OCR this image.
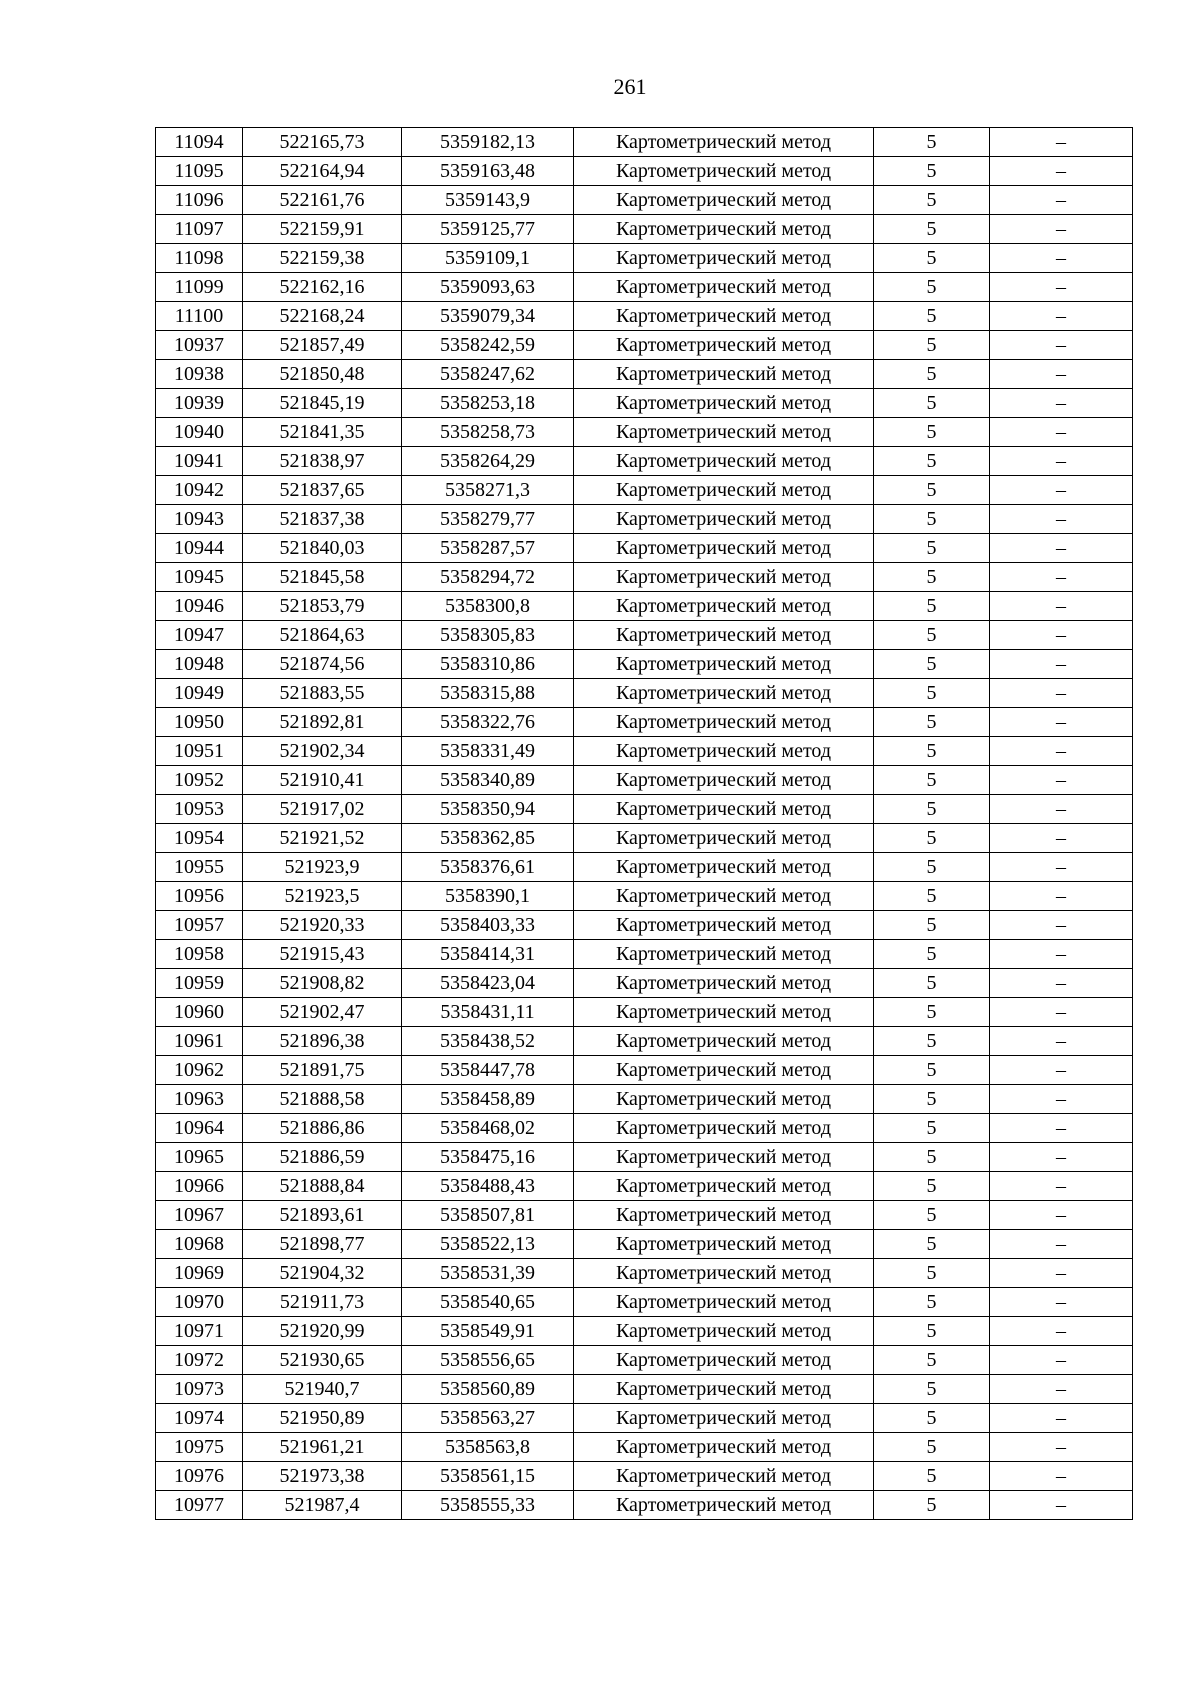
261
11094	522165,73	5359182,13	Картометрический метод	5	–
11095	522164,94	5359163,48	Картометрический метод	5	–
11096	522161,76	5359143,9	Картометрический метод	5	–
11097	522159,91	5359125,77	Картометрический метод	5	–
11098	522159,38	5359109,1	Картометрический метод	5	–
11099	522162,16	5359093,63	Картометрический метод	5	–
11100	522168,24	5359079,34	Картометрический метод	5	–
10937	521857,49	5358242,59	Картометрический метод	5	–
10938	521850,48	5358247,62	Картометрический метод	5	–
10939	521845,19	5358253,18	Картометрический метод	5	–
10940	521841,35	5358258,73	Картометрический метод	5	–
10941	521838,97	5358264,29	Картометрический метод	5	–
10942	521837,65	5358271,3	Картометрический метод	5	–
10943	521837,38	5358279,77	Картометрический метод	5	–
10944	521840,03	5358287,57	Картометрический метод	5	–
10945	521845,58	5358294,72	Картометрический метод	5	–
10946	521853,79	5358300,8	Картометрический метод	5	–
10947	521864,63	5358305,83	Картометрический метод	5	–
10948	521874,56	5358310,86	Картометрический метод	5	–
10949	521883,55	5358315,88	Картометрический метод	5	–
10950	521892,81	5358322,76	Картометрический метод	5	–
10951	521902,34	5358331,49	Картометрический метод	5	–
10952	521910,41	5358340,89	Картометрический метод	5	–
10953	521917,02	5358350,94	Картометрический метод	5	–
10954	521921,52	5358362,85	Картометрический метод	5	–
10955	521923,9	5358376,61	Картометрический метод	5	–
10956	521923,5	5358390,1	Картометрический метод	5	–
10957	521920,33	5358403,33	Картометрический метод	5	–
10958	521915,43	5358414,31	Картометрический метод	5	–
10959	521908,82	5358423,04	Картометрический метод	5	–
10960	521902,47	5358431,11	Картометрический метод	5	–
10961	521896,38	5358438,52	Картометрический метод	5	–
10962	521891,75	5358447,78	Картометрический метод	5	–
10963	521888,58	5358458,89	Картометрический метод	5	–
10964	521886,86	5358468,02	Картометрический метод	5	–
10965	521886,59	5358475,16	Картометрический метод	5	–
10966	521888,84	5358488,43	Картометрический метод	5	–
10967	521893,61	5358507,81	Картометрический метод	5	–
10968	521898,77	5358522,13	Картометрический метод	5	–
10969	521904,32	5358531,39	Картометрический метод	5	–
10970	521911,73	5358540,65	Картометрический метод	5	–
10971	521920,99	5358549,91	Картометрический метод	5	–
10972	521930,65	5358556,65	Картометрический метод	5	–
10973	521940,7	5358560,89	Картометрический метод	5	–
10974	521950,89	5358563,27	Картометрический метод	5	–
10975	521961,21	5358563,8	Картометрический метод	5	–
10976	521973,38	5358561,15	Картометрический метод	5	–
10977	521987,4	5358555,33	Картометрический метод	5	–
